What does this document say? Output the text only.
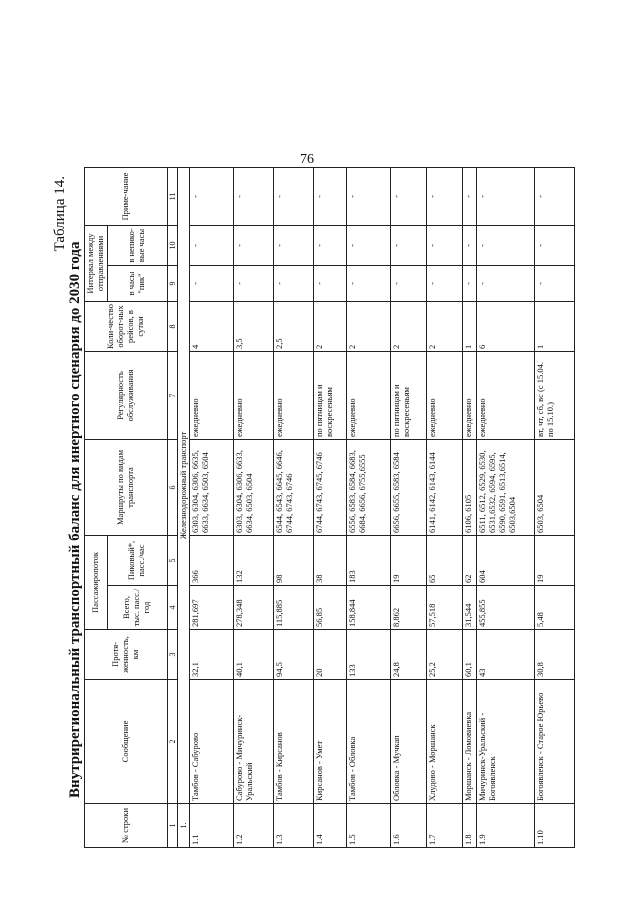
76
Таблица 14.
Внутрирегиональный транспортный баланс для инертного сценария до 2030 года
№ строки	Сообщение	Протя-женность, км	Пассажиропоток		Маршруты по видам транспорта	Регулярность обслуживания	Коли-чество оборот-ных рейсов, в сутки	Интервал между отправлениями		Приме-чание
			Всего, тыс. пасс./год	Пиковый*, пасс./час				в часы "пик"	в непико-вые часы	

1	2	3	4	5	6	7	8	9	10	11
1.	Железнодорожный транспорт									
1.1	Тамбов - Сабурово	32,1	281,697	366	6303, 6304, 6306, 6635, 6633, 6634, 6503, 6504	ежедневно	4	-	-	-
1.2	Сабурово - Мичуринск-Уральский	40,1	278,348	132	6303, 6304, 6306, 6633, 6634, 6503, 6504	ежедневно	3,5	-	-	-
1.3	Тамбов - Кирсанов	94,5	115,885	98	6544, 6543, 6645, 6646, 6744, 6743, 6746	ежедневно	2,5	-	-	-
1.4	Кирсанов - Умет	20	56,85	38	6744, 6743, 6745, 6746	по пятницам и воскресеньям	2	-	-	-
1.5	Тамбов - Обловка	133	158,844	183	6556, 6583, 6584, 6683, 6684, 6656, 6755,6555	ежедневно	2	-	-	-
1.6	Обловка - Мучкап	24,8	8,862	19	6656, 6655, 6583, 6584	по пятницам и воскресеньям	2	-	-	-
1.7	Хлудово - Моршанск	25,2	57,518	65	6141, 6142, 6143, 6144	ежедневно	2	-	-	-
1.8	Моршанск - Ломовиевка	60,1	31,544	62	6106, 6105	ежедневно	1	-	-	-
1.9	Мичуринск-Уральский - Богоявленск	43	455,855	604	6511, 6512, 6529, 6530, 6531,6532, 6594, 6595, 6590, 6591, 6513,6514, 6503,6504	ежедневно	6	-	-	-
1.10	Богоявленск - Старое Юрьево	30,8	5,48	19	6503, 6504	вт, чт, сб, вс (с 15.04. по 15.10.)	1	-	-	-
